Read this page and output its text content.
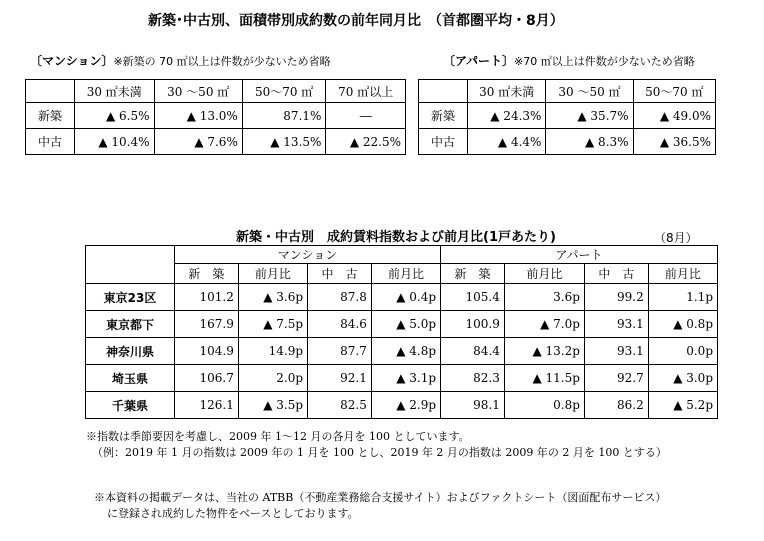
新築･中古別、面積帯別成約数の前年同月比　（首都圏平均・8月）
〔マンション〕※新築の 70 ㎡以上は件数が少ないため省略	〔アパート〕※70 ㎡以上は件数が少ないため省略
	30 ㎡未満	30 ～50 ㎡	50～70 ㎡	70 ㎡以上
新築	▲ 6.5%	▲ 13.0%	87.1%	―
中古	▲ 10.4%	▲ 7.6%	▲ 13.5%	▲ 22.5%
	30 ㎡未満	30 ～50 ㎡	50～70 ㎡
新築	▲ 24.3%	▲ 35.7%	▲ 49.0%
中古	▲ 4.4%	▲ 8.3%	▲ 36.5%
新築・中古別　成約賃料指数および前月比(1戸あたり)	（8月）
	マンション				アパート			
	新　築	前月比	中　古	前月比	新　築	前月比	中　古	前月比
東京23区	101.2	▲ 3.6p	87.8	▲ 0.4p	105.4	3.6p	99.2	1.1p
東京都下	167.9	▲ 7.5p	84.6	▲ 5.0p	100.9	▲ 7.0p	93.1	▲ 0.8p
神奈川県	104.9	14.9p	87.7	▲ 4.8p	84.4	▲ 13.2p	93.1	0.0p
埼玉県	106.7	2.0p	92.1	▲ 3.1p	82.3	▲ 11.5p	92.7	▲ 3.0p
千葉県	126.1	▲ 3.5p	82.5	▲ 2.9p	98.1	0.8p	86.2	▲ 5.2p
※指数は季節要因を考慮し、2009 年 1～12 月の各月を 100 としています。
（例：2019 年 1 月の指数は 2009 年の 1 月を 100 とし、2019 年 2 月の指数は 2009 年の 2 月を 100 とする）
※本資料の掲載データは、当社の ATBB（不動産業務総合支援サイト）およびファクトシート（図面配布サービス）
に登録され成約した物件をベースとしております。
